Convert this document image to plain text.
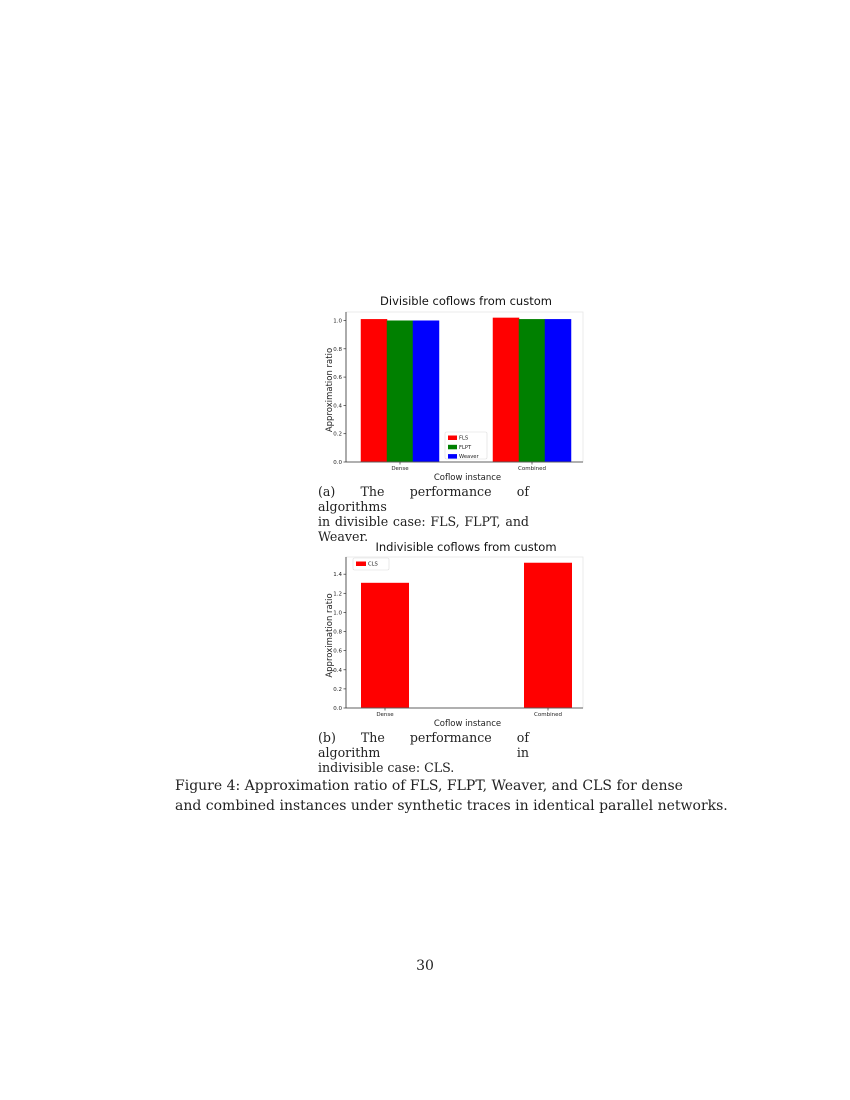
Divisible coflows from custom
0.0
0.2
0.4
0.6
0.8
1.0
Dense	Combined
Coflow instance
Approximation ratio
FLS
FLPT
Weaver
(a) The performance of algorithms
in divisible case: FLS, FLPT, and
Weaver.
Indivisible coflows from custom
0.0
0.2
0.4
0.6
0.8
1.0
1.2
1.4
Dense	Combined
Coflow instance
Approximation ratio
CLS
(b) The performance of algorithm in
indivisible case: CLS.
Figure 4: Approximation ratio of FLS, FLPT, Weaver, and CLS for dense
and combined instances under synthetic traces in identical parallel networks.
30
